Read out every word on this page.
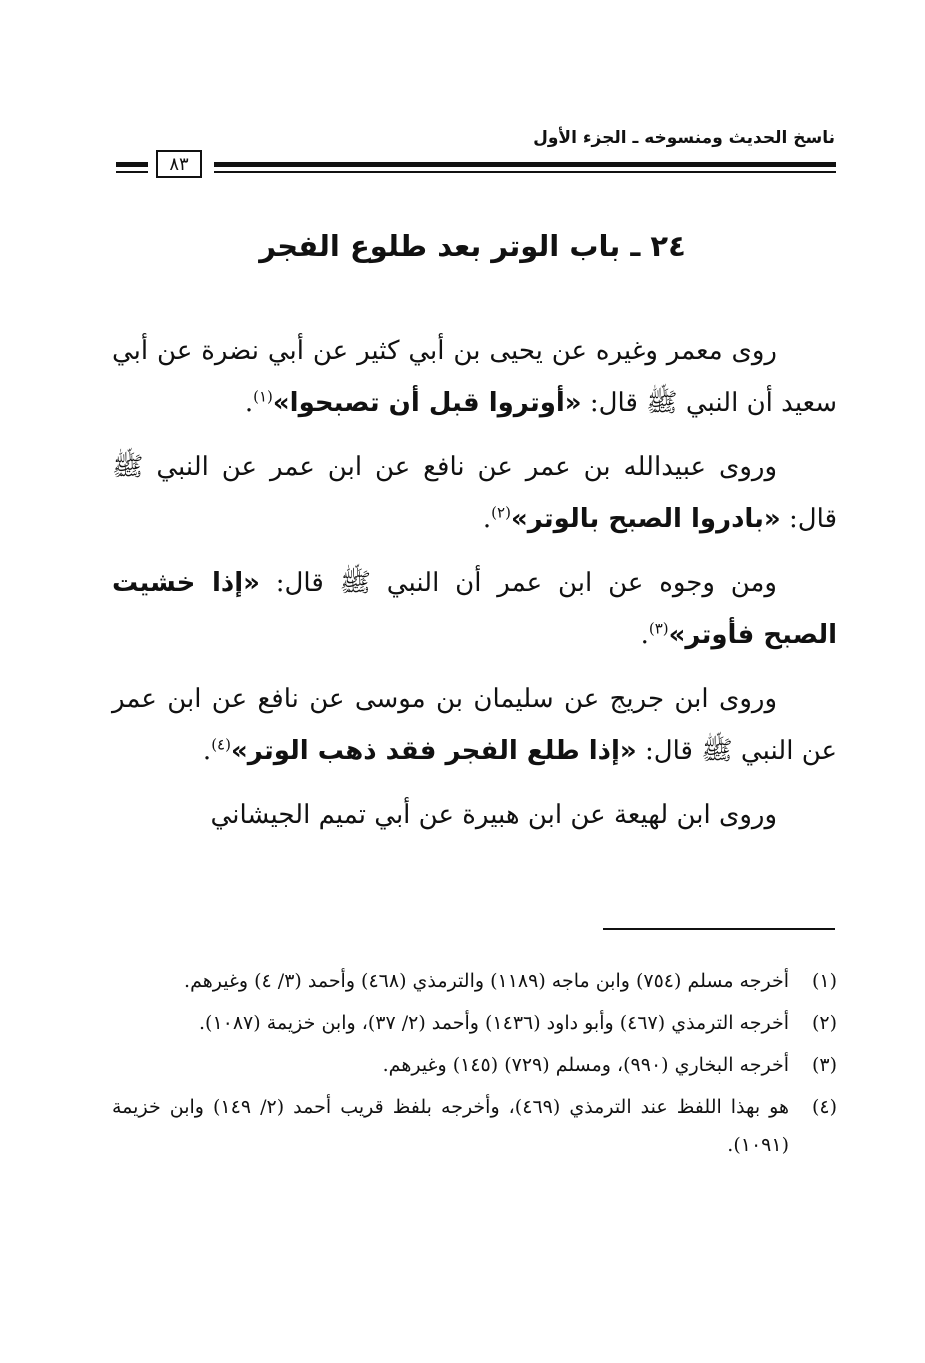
ناسخ الحديث ومنسوخه ـ الجزء الأول
٨٣
٢٤ ـ باب الوتر بعد طلوع الفجر

روى معمر وغيره عن يحيى بن أبي كثير عن أبي نضرة عن أبي سعيد أن النبي ﷺ قال: «أوتروا قبل أن تصبحوا»$^{(١)}$.

وروى عبيدالله بن عمر عن نافع عن ابن عمر عن النبي ﷺ قال: «بادروا الصبح بالوتر»$^{(٢)}$.

ومن وجوه عن ابن عمر أن النبي ﷺ قال: «إذا خشيت الصبح فأوتر»$^{(٣)}$.

وروى ابن جريج عن سليمان بن موسى عن نافع عن ابن عمر عن النبي ﷺ قال: «إذا طلع الفجر فقد ذهب الوتر»$^{(٤)}$.

وروى ابن لهيعة عن ابن هبيرة عن أبي تميم الجيشاني

(١)
أخرجه مسلم (٧٥٤) وابن ماجه (١١٨٩) والترمذي (٤٦٨) وأحمد (٣/ ٤) وغيرهم.
(٢)
أخرجه الترمذي (٤٦٧) وأبو داود (١٤٣٦) وأحمد (٢/ ٣٧)، وابن خزيمة (١٠٨٧).
(٣)
أخرجه البخاري (٩٩٠)، ومسلم (٧٢٩) (١٤٥) وغيرهم.
(٤)
هو بهذا اللفظ عند الترمذي (٤٦٩)، وأخرجه بلفظ قريب أحمد (٢/ ١٤٩) وابن خزيمة (١٠٩١).
